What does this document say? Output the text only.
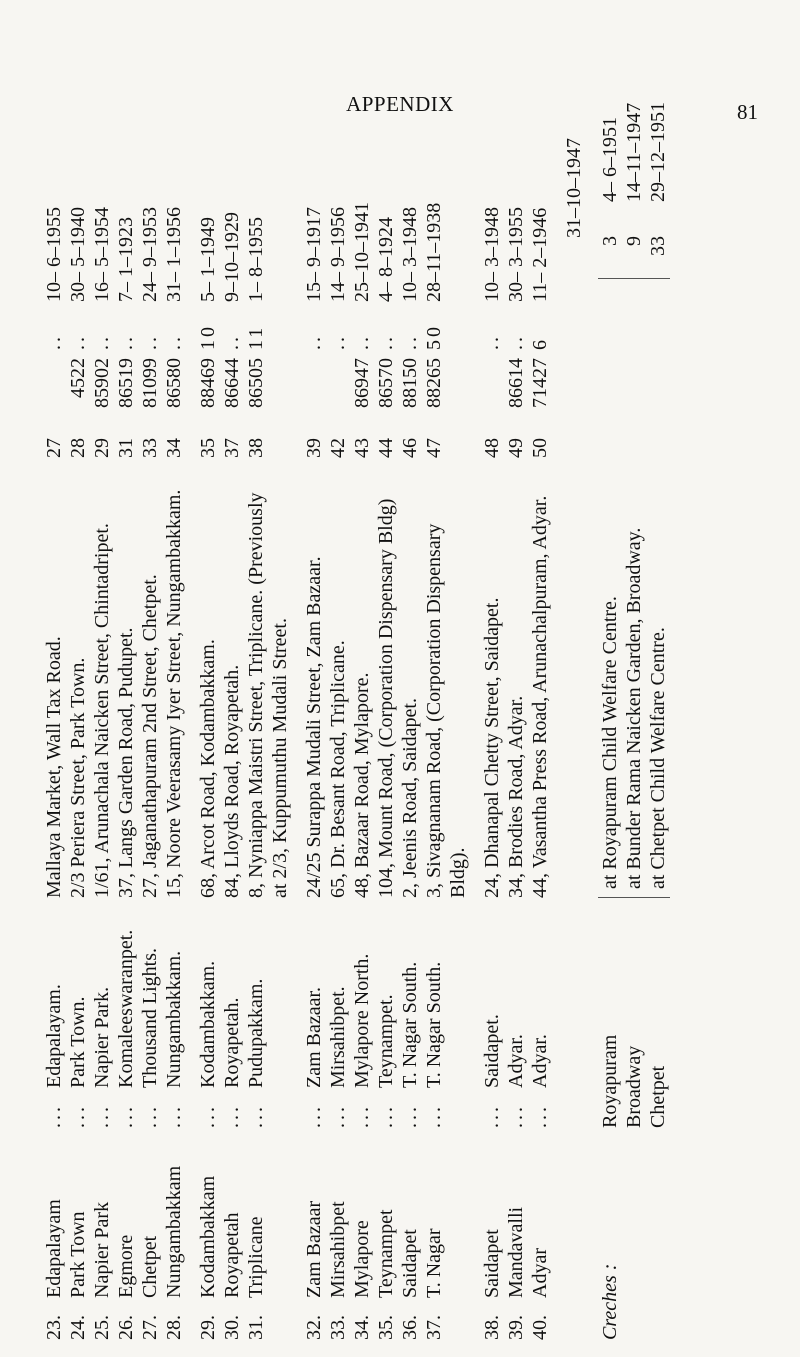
APPENDIX	81
23.
Edapalayam
...
Edapalayam.
Mallaya Market, Wall Tax Road.
27
..
10– 6–1955
24.
Park Town
...
Park Town.
2/3 Periera Street, Park Town.
28
4522
..
30– 5–1940
25.
Napier Park
...
Napier Park.
1/61, Arunachala Naicken Street, Chintadripet.
29
85902
..
16– 5–1954
26.
Egmore
...
Komaleeswaranpet.
37, Langs Garden Road, Pudupet.
31
86519
..
7– 1–1923
27.
Chetpet
...
Thousand Lights.
27, Jaganathapuram 2nd Street, Chetpet.
33
81099
..
24– 9–1953
28.
Nungambakkam
...
Nungambakkam.
15, Noore Veerasamy Iyer Street, Nungambakkam.
34
86580
..
31– 1–1956
29.
Kodambakkam
...
Kodambakkam.
68, Arcot Road, Kodambakkam.
35
88469
10
5– 1–1949
30.
Royapetah
...
Royapetah.
84, Lloyds Road, Royapetah.
37
86644
..
9–10–1929
31.
Triplicane
...
Pudupakkam.
8, Nyniappa Maistri Street, Triplicane. (Previously at 2/3, Kuppumuthu Mudali Street.
38
86505
11
1– 8–1955
32.
Zam Bazaar
...
Zam Bazaar.
24/25 Surappa Mudali Street, Zam Bazaar.
39
..
15– 9–1917
33.
Mirsahibpet
...
Mirsahibpet.
65, Dr. Besant Road, Triplicane.
42
..
14– 9–1956
34.
Mylapore
...
Mylapore North.
48, Bazaar Road, Mylapore.
43
86947
..
25–10–1941
35.
Teynampet
...
Teynampet.
104, Mount Road, (Corporation Dispensary Bldg)
44
86570
..
4– 8–1924
36.
Saidapet
...
T. Nagar South.
2, Jeenis Road, Saidapet.
46
88150
..
10– 3–1948
37.
T. Nagar
...
T. Nagar South.
3, Sivagnanam Road, (Corporation Dispensary Bldg).
47
88265
50
28–11–1938
38.
Saidapet
...
Saidapet.
24, Dhanapal Chetty Street, Saidapet.
48
..
10– 3–1948
39.
Mandavalli
...
Adyar.
34, Brodies Road, Adyar.
49
86614
..
30– 3–1955
40.
Adyar
...
Adyar.
44, Vasantha Press Road, Arunachalpuram, Adyar.
50
71427
6
11– 2–1946
31–10–1947
Creches :
Royapuram
at Royapuram Child Welfare Centre.
3
4– 6–1951
Broadway
at Bunder Rama Naicken Garden, Broadway.
9
14–11–1947
Chetpet
at Chetpet Child Welfare Centre.
33
29–12–1951
